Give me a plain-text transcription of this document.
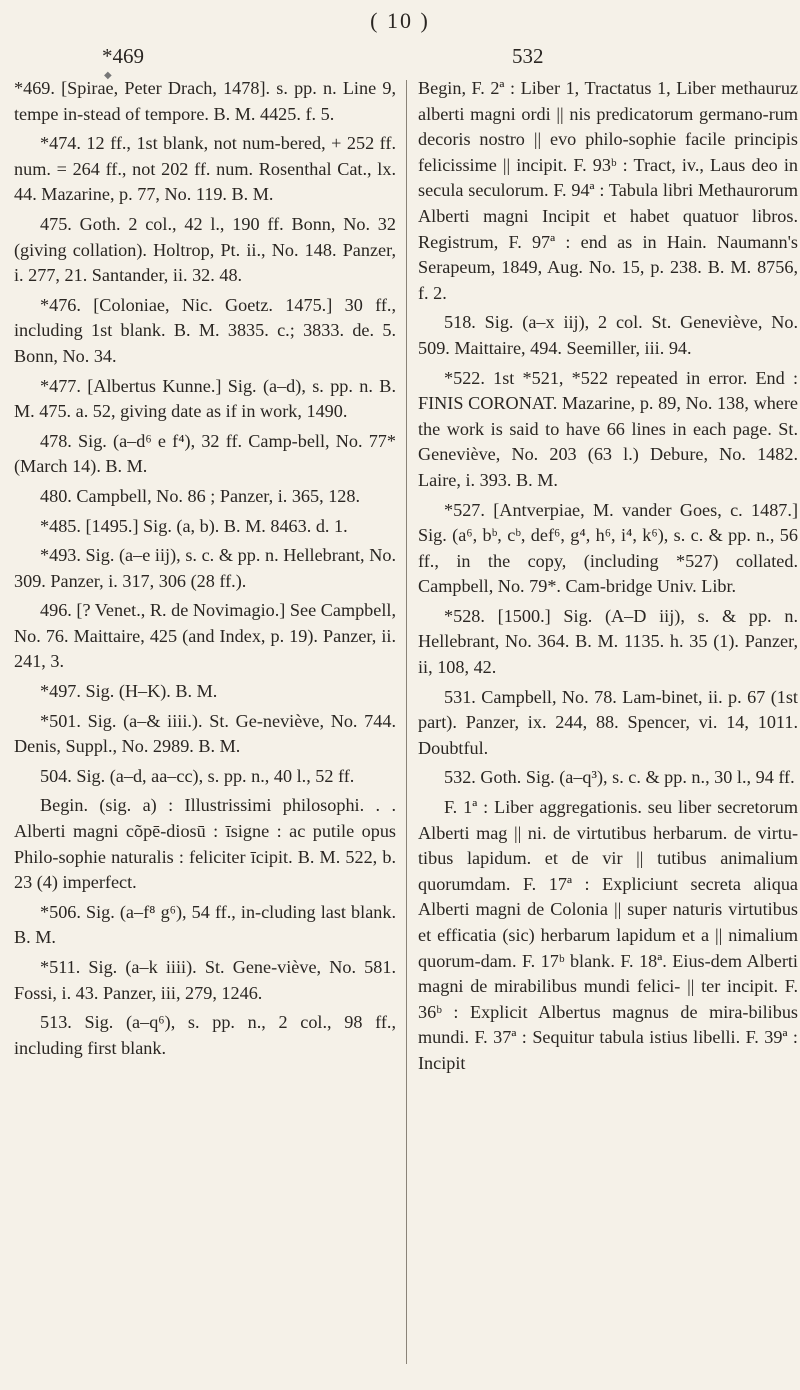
◆
( 10 )
*469	532

*469. [Spirae, Peter Drach, 1478]. s. pp. n. Line 9, tempe in-stead of tempore. B. M. 4425. f. 5.

*474. 12 ff., 1st blank, not num-bered, + 252 ff. num. = 264 ff., not 202 ff. num. Rosenthal Cat., lx. 44. Mazarine, p. 77, No. 119. B. M.

475. Goth. 2 col., 42 l., 190 ff. Bonn, No. 32 (giving collation). Holtrop, Pt. ii., No. 148. Panzer, i. 277, 21. Santander, ii. 32. 48.

*476. [Coloniae, Nic. Goetz. 1475.] 30 ff., including 1st blank. B. M. 3835. c.; 3833. de. 5. Bonn, No. 34.

*477. [Albertus Kunne.] Sig. (a–d), s. pp. n. B. M. 475. a. 52, giving date as if in work, 1490.

478. Sig. (a–d⁶ e f⁴), 32 ff. Camp-bell, No. 77* (March 14). B. M.

480. Campbell, No. 86 ; Panzer, i. 365, 128.

*485. [1495.] Sig. (a, b). B. M. 8463. d. 1.

*493. Sig. (a–e iij), s. c. & pp. n. Hellebrant, No. 309. Panzer, i. 317, 306 (28 ff.).

496. [? Venet., R. de Novimagio.] See Campbell, No. 76. Maittaire, 425 (and Index, p. 19). Panzer, ii. 241, 3.

*497. Sig. (H–K). B. M.

*501. Sig. (a–& iiii.). St. Ge-neviève, No. 744. Denis, Suppl., No. 2989. B. M.

504. Sig. (a–d, aa–cc), s. pp. n., 40 l., 52 ff.

Begin. (sig. a) : Illustrissimi philosophi. . . Alberti magni cõpē-diosū : īsigne : ac putile opus Philo-sophie naturalis : feliciter īcipit. B. M. 522, b. 23 (4) imperfect.

*506. Sig. (a–f⁸ g⁶), 54 ff., in-cluding last blank. B. M.

*511. Sig. (a–k iiii). St. Gene-viève, No. 581. Fossi, i. 43. Panzer, iii, 279, 1246.

513. Sig. (a–q⁶), s. pp. n., 2 col., 98 ff., including first blank.

Begin, F. 2ª : Liber 1, Tractatus 1, Liber methauruz alberti magni ordi || nis predicatorum germano-rum decoris nostro || evo philo-sophie facile principis felicissime || incipit. F. 93ᵇ : Tract, iv., Laus deo in secula seculorum. F. 94ª : Tabula libri Methaurorum Alberti magni Incipit et habet quatuor libros. Registrum, F. 97ª : end as in Hain. Naumann's Serapeum, 1849, Aug. No. 15, p. 238. B. M. 8756, f. 2.

518. Sig. (a–x iij), 2 col. St. Geneviève, No. 509. Maittaire, 494. Seemiller, iii. 94.

*522. 1st *521, *522 repeated in error. End : FINIS CORONAT. Mazarine, p. 89, No. 138, where the work is said to have 66 lines in each page. St. Geneviève, No. 203 (63 l.) Debure, No. 1482. Laire, i. 393. B. M.

*527. [Antverpiae, M. vander Goes, c. 1487.] Sig. (a⁶, bᵇ, cᵇ, def⁶, g⁴, h⁶, i⁴, k⁶), s. c. & pp. n., 56 ff., in the copy, (including *527) collated. Campbell, No. 79*. Cam-bridge Univ. Libr.

*528. [1500.] Sig. (A–D iij), s. & pp. n. Hellebrant, No. 364. B. M. 1135. h. 35 (1). Panzer, ii, 108, 42.

531. Campbell, No. 78. Lam-binet, ii. p. 67 (1st part). Panzer, ix. 244, 88. Spencer, vi. 14, 1011. Doubtful.

532. Goth. Sig. (a–q³), s. c. & pp. n., 30 l., 94 ff.

F. 1ª : Liber aggregationis. seu liber secretorum Alberti mag || ni. de virtutibus herbarum. de virtu-tibus lapidum. et de vir || tutibus animalium quorumdam. F. 17ª : Expliciunt secreta aliqua Alberti magni de Colonia || super naturis virtutibus et efficatia (sic) herbarum lapidum et a || nimalium quorum-dam. F. 17ᵇ blank. F. 18ª. Eius-dem Alberti magni de mirabilibus mundi felici- || ter incipit. F. 36ᵇ : Explicit Albertus magnus de mira-bilibus mundi. F. 37ª : Sequitur tabula istius libelli. F. 39ª : Incipit
